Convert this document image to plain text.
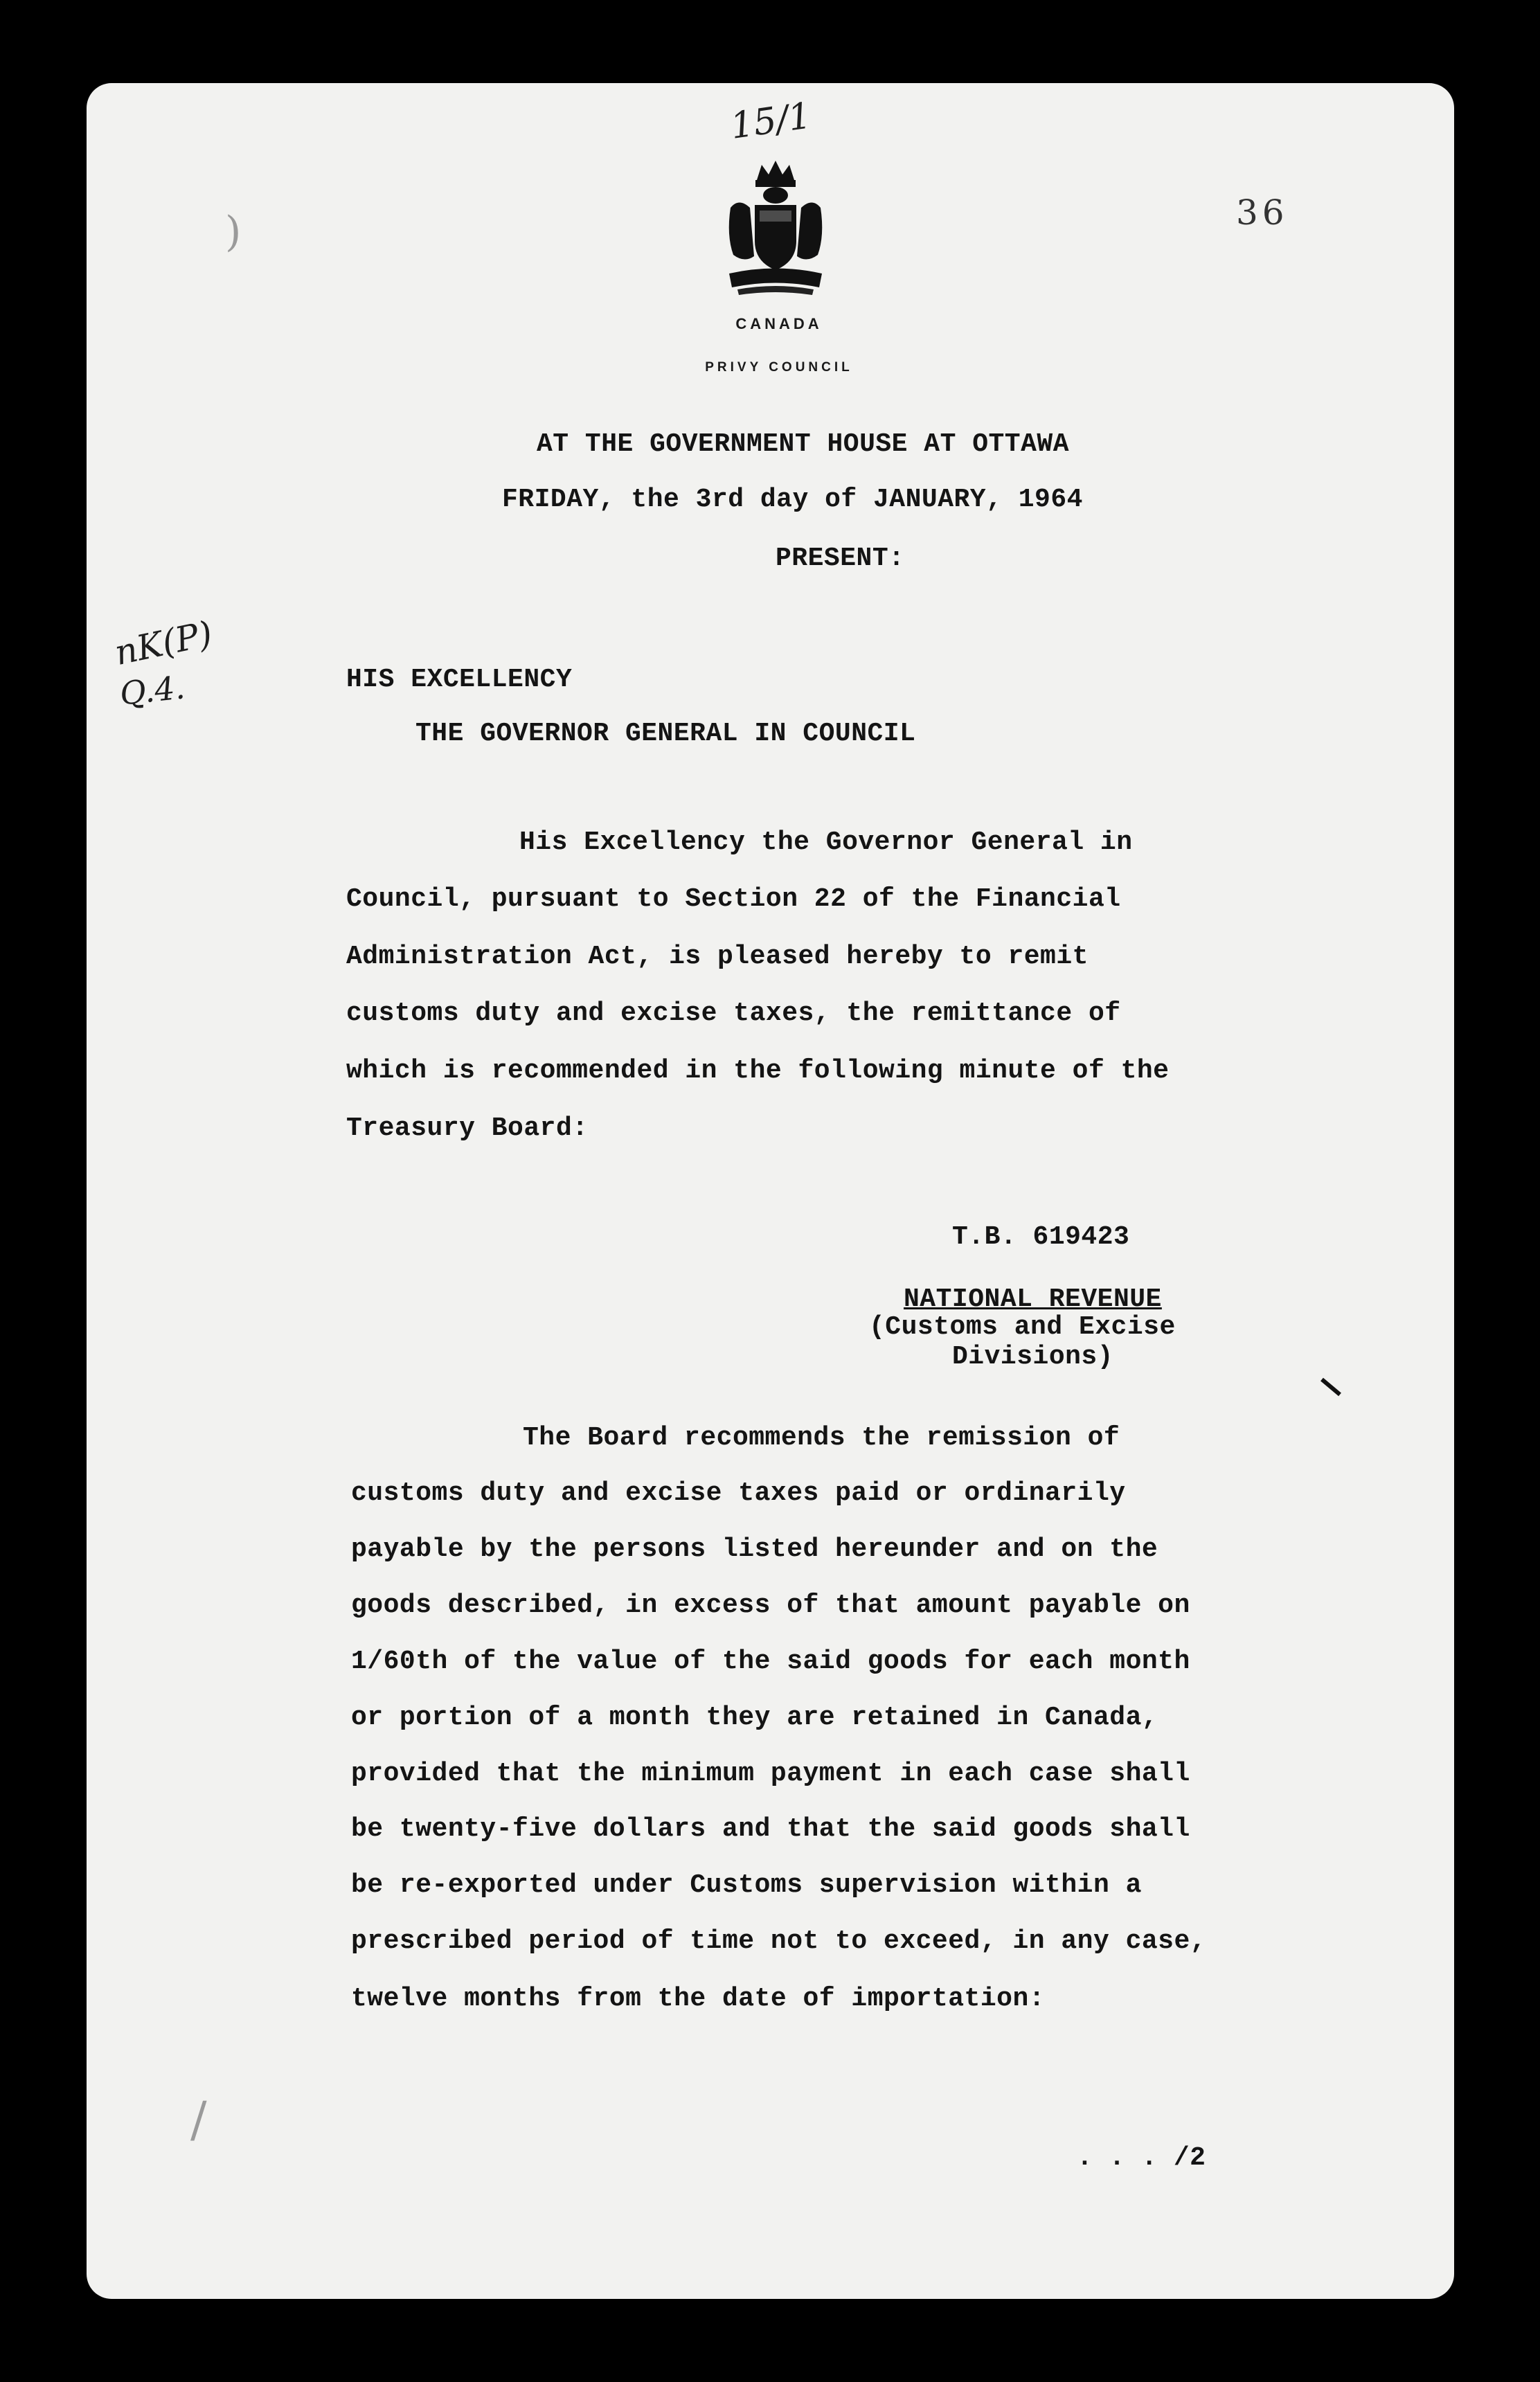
15/1
36
nK(P)
Q.4.
CANADA
PRIVY COUNCIL
AT THE GOVERNMENT HOUSE AT OTTAWA
FRIDAY, the 3rd day of JANUARY, 1964
PRESENT:
HIS EXCELLENCY
THE GOVERNOR GENERAL IN COUNCIL
His Excellency the Governor General in
Council, pursuant to Section 22 of the Financial
Administration Act, is pleased hereby to remit
customs duty and excise taxes, the remittance of
which is recommended in the following minute of the
Treasury Board:
T.B. 619423
NATIONAL REVENUE
(Customs and Excise
Divisions)
The Board recommends the remission of
customs duty and excise taxes paid or ordinarily
payable by the persons listed hereunder and on the
goods described, in excess of that amount payable on
1/60th of the value of the said goods for each month
or portion of a month they are retained in Canada,
provided that the minimum payment in each case shall
be twenty-five dollars and that the said goods shall
be re-exported under Customs supervision within a
prescribed period of time not to exceed, in any case,
twelve months from the date of importation:
. . . /2
)
/
